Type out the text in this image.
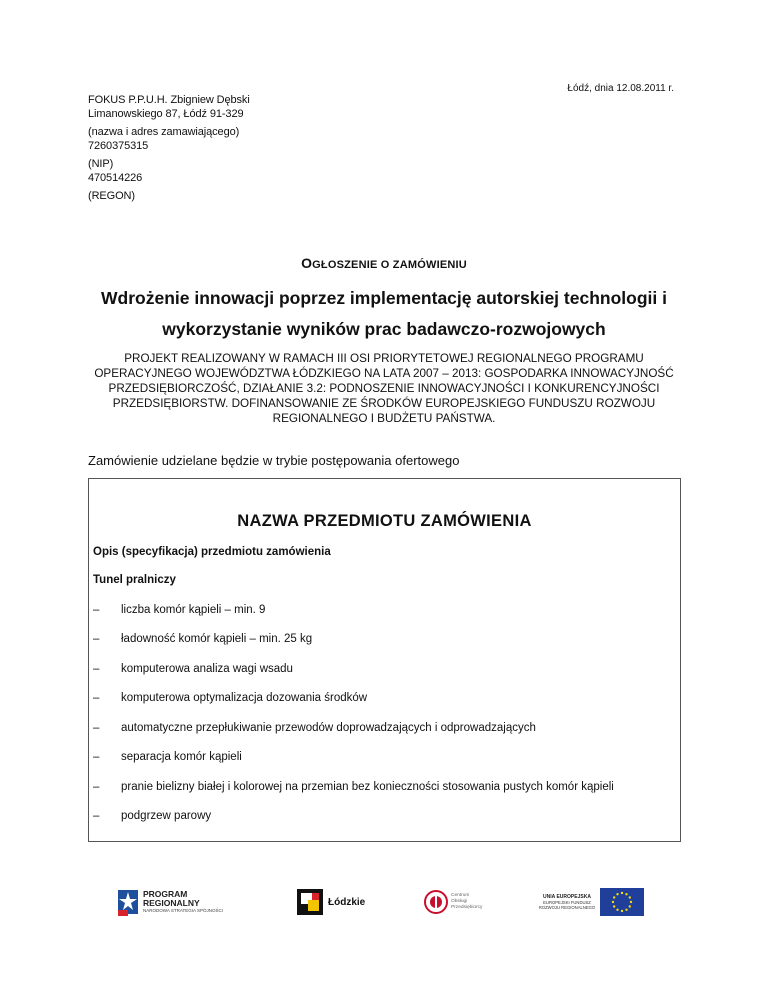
Łódź, dnia 12.08.2011 r.
FOKUS P.P.U.H. Zbigniew Dębski
Limanowskiego 87, Łódź 91-329
(nazwa i adres zamawiającego)
7260375315
(NIP)
470514226
(REGON)
OGŁOSZENIE O ZAMÓWIENIU
Wdrożenie innowacji poprzez implementację autorskiej technologii i
wykorzystanie wyników prac badawczo-rozwojowych
PROJEKT REALIZOWANY W RAMACH III OSI PRIORYTETOWEJ REGIONALNEGO PROGRAMU OPERACYJNEGO WOJEWÓDZTWA ŁÓDZKIEGO NA LATA 2007 – 2013: GOSPODARKA INNOWACYJNOŚĆ PRZEDSIĘBIORCZOŚĆ, DZIAŁANIE 3.2: PODNOSZENIE INNOWACYJNOŚCI I KONKURENCYJNOŚCI PRZEDSIĘBIORSTW. DOFINANSOWANIE ZE ŚRODKÓW EUROPEJSKIEGO FUNDUSZU ROZWOJU REGIONALNEGO I BUDŻETU PAŃSTWA.
Zamówienie udzielane będzie w trybie postępowania ofertowego
NAZWA PRZEDMIOTU ZAMÓWIENIA
Opis (specyfikacja) przedmiotu zamówienia
Tunel pralniczy
–	liczba komór kąpieli – min. 9
–	ładowność komór kąpieli – min. 25 kg
–	komputerowa analiza wagi wsadu
–	komputerowa optymalizacja dozowania środków
–	automatyczne przepłukiwanie przewodów doprowadzających i odprowadzających
–	separacja komór kąpieli
–	pranie bielizny białej i kolorowej na przemian bez konieczności stosowania pustych komór kąpieli
–	podgrzew parowy
PROGRAM
REGIONALNY
NARODOWA STRATEGIA SPÓJNOŚCI
Łódzkie
Centrum
Obsługi
Przedsiębiorcy
UNIA EUROPEJSKA
EUROPEJSKI FUNDUSZ
ROZWOJU REGIONALNEGO
